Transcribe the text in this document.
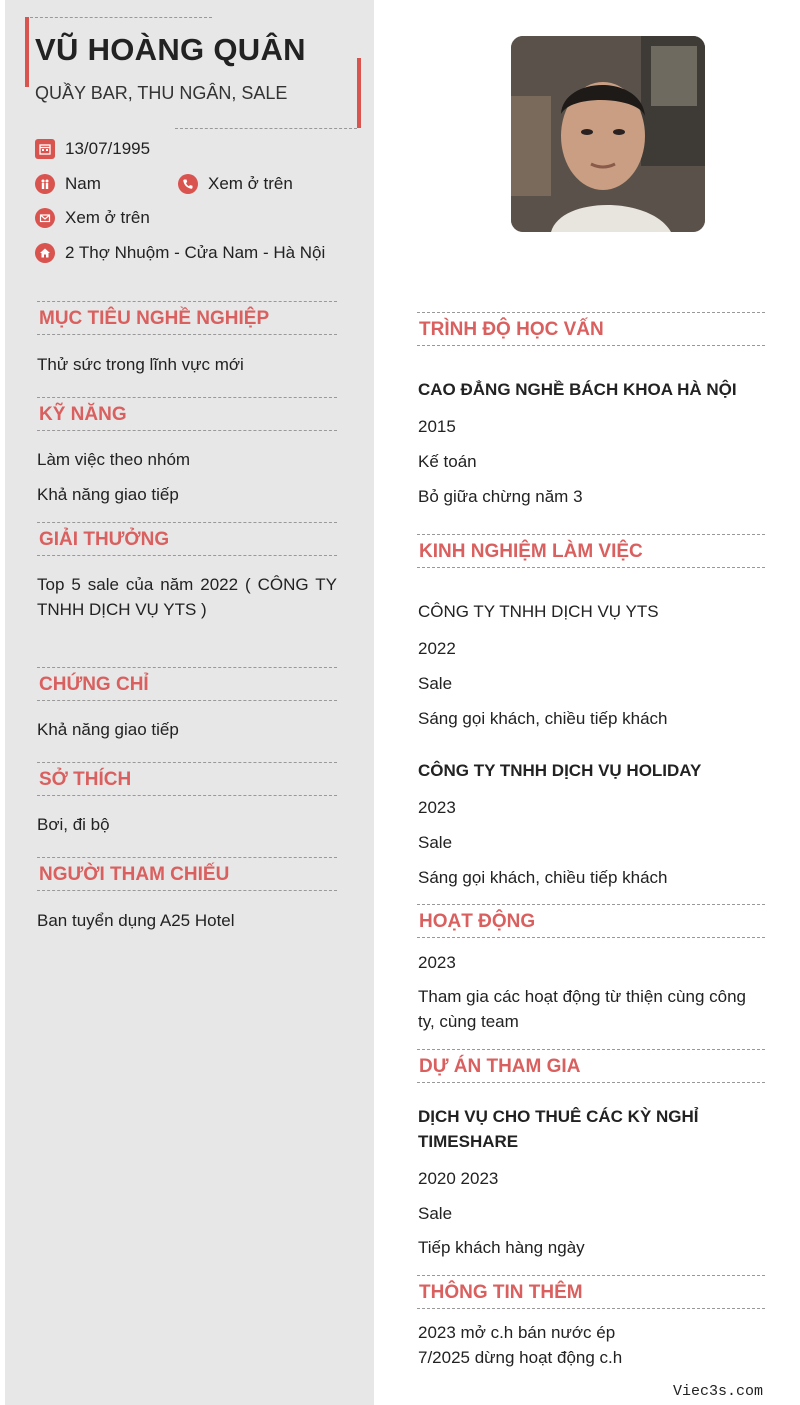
VŨ HOÀNG QUÂN

QUẦY BAR, THU NGÂN, SALE

13/07/1995
Nam	Xem ở trên
Xem ở trên
2 Thợ Nhuộm - Cửa Nam - Hà Nội
MỤC TIÊU NGHỀ NGHIỆP
Thử sức trong lĩnh vực mới
KỸ NĂNG
Làm việc theo nhóm
Khả năng giao tiếp
GIẢI THƯỞNG
Top 5 sale của năm 2022 ( CÔNG TY TNHH DỊCH VỤ YTS )
CHỨNG CHỈ
Khả năng giao tiếp
SỞ THÍCH
Bơi, đi bộ
NGƯỜI THAM CHIẾU
Ban tuyển dụng A25 Hotel
TRÌNH ĐỘ HỌC VẤN
CAO ĐẲNG NGHỀ BÁCH KHOA HÀ NỘI
2015
Kế toán
Bỏ giữa chừng năm 3
KINH NGHIỆM LÀM VIỆC
CÔNG TY TNHH DỊCH VỤ YTS
2022
Sale
Sáng gọi khách, chiều tiếp khách
CÔNG TY TNHH DỊCH VỤ HOLIDAY
2023
Sale
Sáng gọi khách, chiều tiếp khách
HOẠT ĐỘNG
2023
Tham gia các hoạt động từ thiện cùng công ty, cùng team
DỰ ÁN THAM GIA
DỊCH VỤ CHO THUÊ CÁC KỲ NGHỈ TIMESHARE
2020 2023
Sale
Tiếp khách hàng ngày
THÔNG TIN THÊM
2023 mở c.h bán nước ép
7/2025 dừng hoạt động c.h
Viec3s.com
